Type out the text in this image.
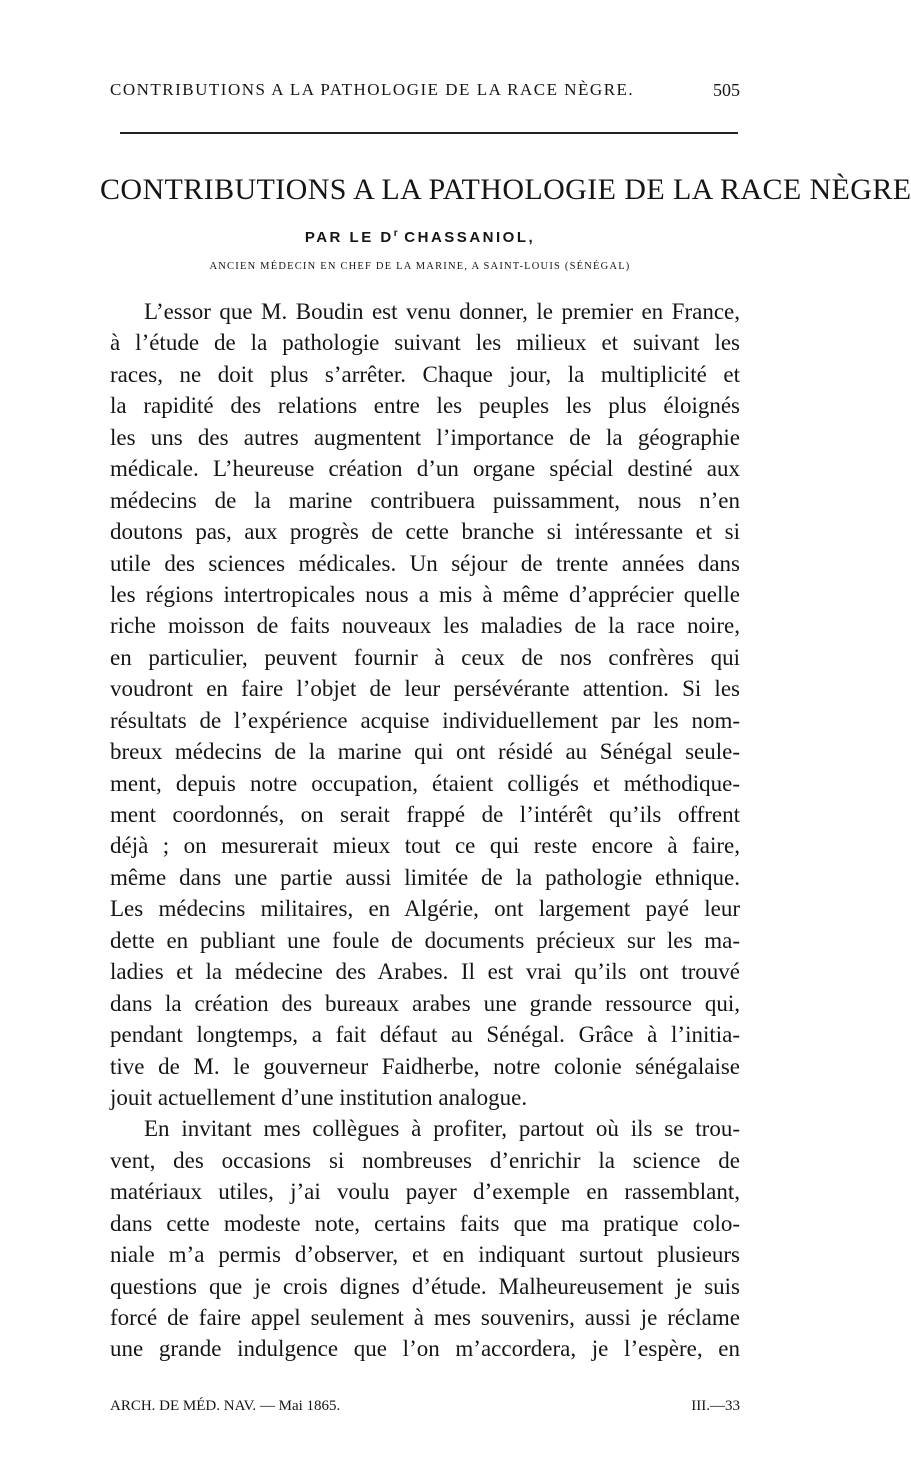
CONTRIBUTIONS A LA PATHOLOGIE DE LA RACE NÈGRE.	505
CONTRIBUTIONS A LA PATHOLOGIE DE LA RACE NÈGRE
PAR LE $D^r$ CHASSANIOL,
ANCIEN MÉDECIN EN CHEF DE LA MARINE, A SAINT-LOUIS (SÉNÉGAL)
L’essor que M. Boudin est venu donner, le premier en France,
à l’étude de la pathologie suivant les milieux et suivant les
races, ne doit plus s’arrêter. Chaque jour, la multiplicité et
la rapidité des relations entre les peuples les plus éloignés
les uns des autres augmentent l’importance de la géographie
médicale. L’heureuse création d’un organe spécial destiné aux
médecins de la marine contribuera puissamment, nous n’en
doutons pas, aux progrès de cette branche si intéressante et si
utile des sciences médicales. Un séjour de trente années dans
les régions intertropicales nous a mis à même d’apprécier quelle
riche moisson de faits nouveaux les maladies de la race noire,
en particulier, peuvent fournir à ceux de nos confrères qui
voudront en faire l’objet de leur persévérante attention. Si les
résultats de l’expérience acquise individuellement par les nom-
breux médecins de la marine qui ont résidé au Sénégal seule-
ment, depuis notre occupation, étaient colligés et méthodique-
ment coordonnés, on serait frappé de l’intérêt qu’ils offrent
déjà ; on mesurerait mieux tout ce qui reste encore à faire,
même dans une partie aussi limitée de la pathologie ethnique.
Les médecins militaires, en Algérie, ont largement payé leur
dette en publiant une foule de documents précieux sur les ma-
ladies et la médecine des Arabes. Il est vrai qu’ils ont trouvé
dans la création des bureaux arabes une grande ressource qui,
pendant longtemps, a fait défaut au Sénégal. Grâce à l’initia-
tive de M. le gouverneur Faidherbe, notre colonie sénégalaise
jouit actuellement d’une institution analogue.
En invitant mes collègues à profiter, partout où ils se trou-
vent, des occasions si nombreuses d’enrichir la science de
matériaux utiles, j’ai voulu payer d’exemple en rassemblant,
dans cette modeste note, certains faits que ma pratique colo-
niale m’a permis d’observer, et en indiquant surtout plusieurs
questions que je crois dignes d’étude. Malheureusement je suis
forcé de faire appel seulement à mes souvenirs, aussi je réclame
une grande indulgence que l’on m’accordera, je l’espère, en
ARCH. DE MÉD. NAV. — Mai 1865.	III.—33
